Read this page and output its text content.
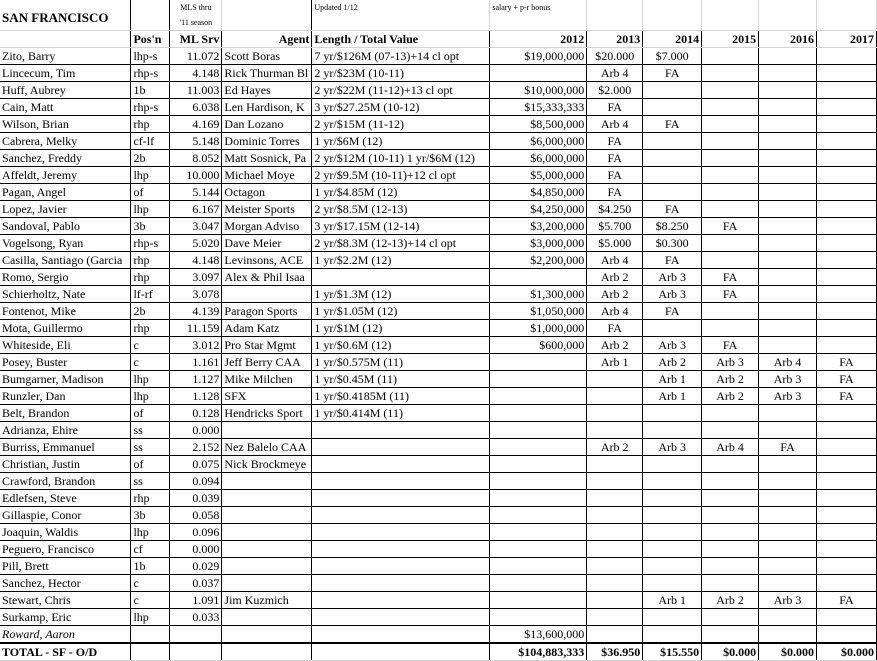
SAN FRANCISCO		MLS thru
'11 season		Updated 1/12	salary + p-r bonus					
	Pos'n	ML Srv	Agent	Length / Total Value	2012	2013	2014	2015	2016	2017
Zito, Barry	lhp-s	11.072	Scott Boras	7 yr/$126M (07-13)+14 cl opt	$19,000,000	$20.000	$7.000			
Lincecum, Tim	rhp-s	4.148	Rick Thurman Bl	2 yr/$23M (10-11)		Arb 4	FA			
Huff, Aubrey	1b	11.003	Ed Hayes	2 yr/$22M (11-12)+13 cl opt	$10,000,000	$2.000				
Cain, Matt	rhp-s	6.038	Len Hardison, K	3 yr/$27.25M (10-12)	$15,333,333	FA				
Wilson, Brian	rhp	4.169	Dan Lozano	2 yr/$15M (11-12)	$8,500,000	Arb 4	FA			
Cabrera, Melky	cf-lf	5.148	Dominic Torres	1 yr/$6M (12)	$6,000,000	FA				
Sanchez, Freddy	2b	8.052	Matt Sosnick, Pa	2 yr/$12M (10-11) 1 yr/$6M (12)	$6,000,000	FA				
Affeldt, Jeremy	lhp	10.000	Michael Moye	2 yr/$9.5M (10-11)+12 cl opt	$5,000,000	FA				
Pagan, Angel	of	5.144	Octagon	1 yr/$4.85M (12)	$4,850,000	FA				
Lopez, Javier	lhp	6.167	Meister Sports	2 yr/$8.5M (12-13)	$4,250,000	$4.250	FA			
Sandoval, Pablo	3b	3.047	Morgan Adviso	3 yr/$17.15M (12-14)	$3,200,000	$5.700	$8.250	FA		
Vogelsong, Ryan	rhp-s	5.020	Dave Meier	2 yr/$8.3M (12-13)+14 cl opt	$3,000,000	$5.000	$0.300			
Casilla, Santiago (Garcia	rhp	4.148	Levinsons, ACE	1 yr/$2.2M (12)	$2,200,000	Arb 4	FA			
Romo, Sergio	rhp	3.097	Alex & Phil Isaa			Arb 2	Arb 3	FA		
Schierholtz, Nate	lf-rf	3.078		1 yr/$1.3M (12)	$1,300,000	Arb 2	Arb 3	FA		
Fontenot, Mike	2b	4.139	Paragon Sports	1 yr/$1.05M (12)	$1,050,000	Arb 4	FA			
Mota, Guillermo	rhp	11.159	Adam Katz	1 yr/$1M (12)	$1,000,000	FA				
Whiteside, Eli	c	3.012	Pro Star Mgmt	1 yr/$0.6M (12)	$600,000	Arb 2	Arb 3	FA		
Posey, Buster	c	1.161	Jeff Berry CAA	1 yr/$0.575M (11)		Arb 1	Arb 2	Arb 3	Arb 4	FA
Bumgarner, Madison	lhp	1.127	Mike Milchen	1 yr/$0.45M (11)			Arb 1	Arb 2	Arb 3	FA
Runzler, Dan	lhp	1.128	SFX	1 yr/$0.4185M (11)			Arb 1	Arb 2	Arb 3	FA
Belt, Brandon	of	0.128	Hendricks Sport	1 yr/$0.414M (11)						
Adrianza, Ehire	ss	0.000								
Burriss, Emmanuel	ss	2.152	Nez Balelo CAA			Arb 2	Arb 3	Arb 4	FA	
Christian, Justin	of	0.075	Nick Brockmeye							
Crawford, Brandon	ss	0.094								
Edlefsen, Steve	rhp	0.039								
Gillaspie, Conor	3b	0.058								
Joaquin, Waldis	lhp	0.096								
Peguero, Francisco	cf	0.000								
Pill, Brett	1b	0.029								
Sanchez, Hector	c	0.037								
Stewart, Chris	c	1.091	Jim Kuzmich				Arb 1	Arb 2	Arb 3	FA
Surkamp, Eric	lhp	0.033								
Roward, Aaron					$13,600,000					
TOTAL - SF - O/D					$104,883,333	$36.950	$15.550	$0.000	$0.000	$0.000
